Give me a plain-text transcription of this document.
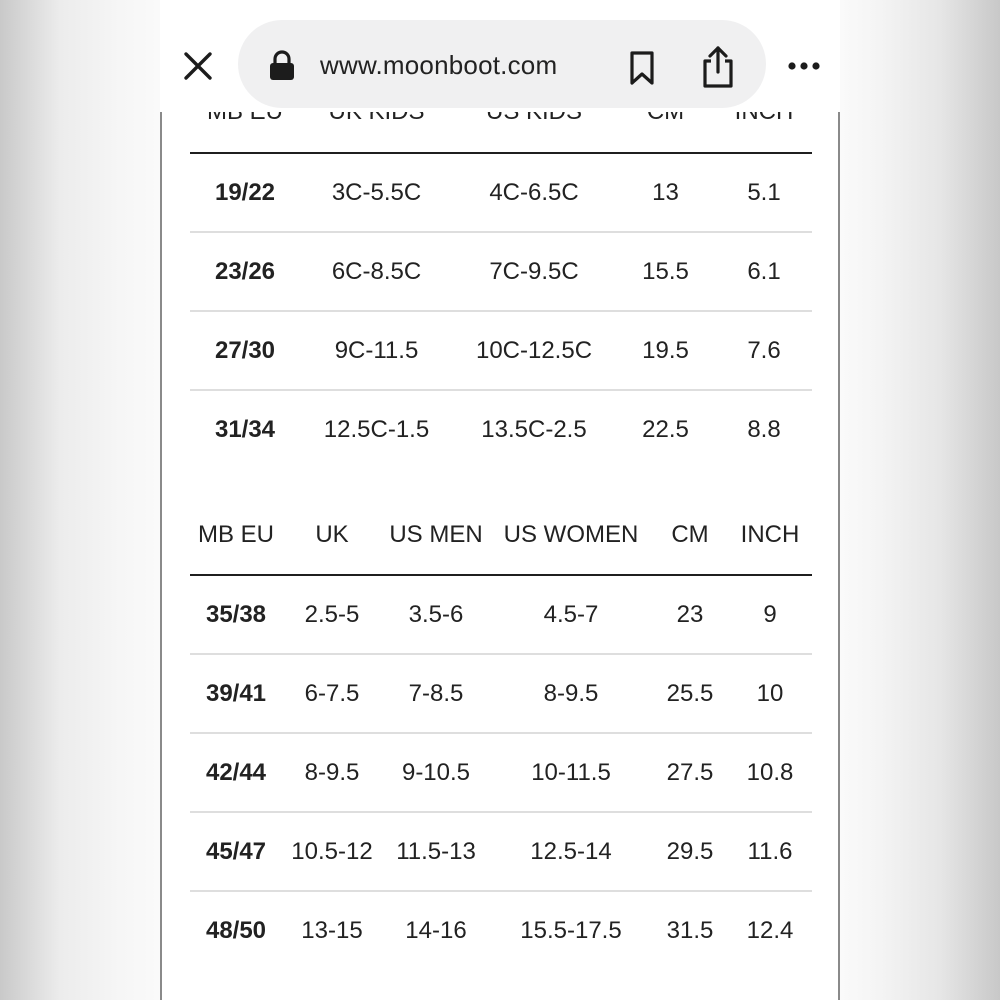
19/22	3C-5.5C	4C-6.5C	13	5.1
23/26	6C-8.5C	7C-9.5C	15.5	6.1
27/30	9C-11.5	10C-12.5C	19.5	7.6
31/34	12.5C-1.5	13.5C-2.5	22.5	8.8
MB EU	UK	US MEN	US WOMEN	CM	INCH
35/38	2.5-5	3.5-6	4.5-7	23	9
39/41	6-7.5	7-8.5	8-9.5	25.5	10
42/44	8-9.5	9-10.5	10-11.5	27.5	10.8
45/47	10.5-12	11.5-13	12.5-14	29.5	11.6
48/50	13-15	14-16	15.5-17.5	31.5	12.4
www.moonboot.com
